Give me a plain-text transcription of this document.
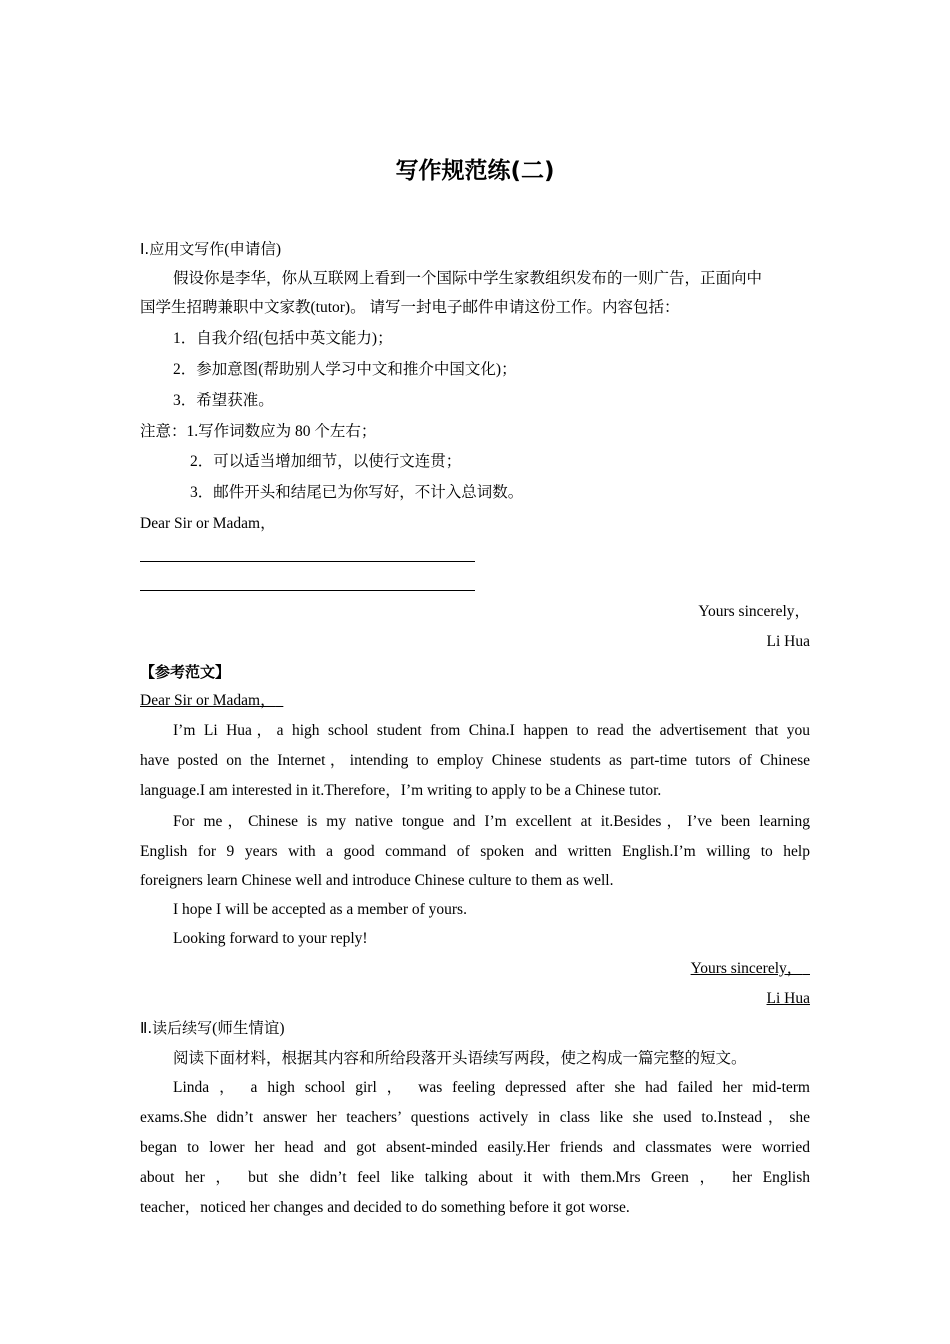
写作规范练(二)
Ⅰ.应用文写作(申请信)
假设你是李华，你从互联网上看到一个国际中学生家教组织发布的一则广告，正面向中
国学生招聘兼职中文家教(tutor)。 请写一封电子邮件申请这份工作。内容包括：
1．自我介绍(包括中英文能力)；
2．参加意图(帮助别人学习中文和推介中国文化)；
3．希望获准。
注意：1.写作词数应为 80 个左右；
2．可以适当增加细节，以使行文连贯；
3．邮件开头和结尾已为你写好，不计入总词数。
Dear Sir or Madam，
Yours sincerely，
Li Hua
【参考范文】
Dear Sir or Madam，
I’m Li Hua，a high school student from China.I happen to read the advertisement that you
have posted on the Internet，intending to employ Chinese students as part-time tutors of Chinese
language.I am interested in it.Therefore，I’m writing to apply to be a Chinese tutor.
For me，Chinese is my native tongue and I’m excellent at it.Besides，I’ve been learning
English for 9 years with a good command of spoken and written English.I’m willing to help
foreigners learn Chinese well and introduce Chinese culture to them as well.
I hope I will be accepted as a member of yours.
Looking forward to your reply!
Yours sincerely，
Li Hua
Ⅱ.读后续写(师生情谊)
阅读下面材料，根据其内容和所给段落开头语续写两段，使之构成一篇完整的短文。
Linda ， a high school girl ， was feeling depressed after she had failed her mid-term
exams.She didn’t answer her teachers’ questions actively in class like she used to.Instead，she
began to lower her head and got absent-minded easily.Her friends and classmates were worried
about her ， but she didn’t feel like talking about it with them.Mrs Green ， her English
teacher，noticed her changes and decided to do something before it got worse.
